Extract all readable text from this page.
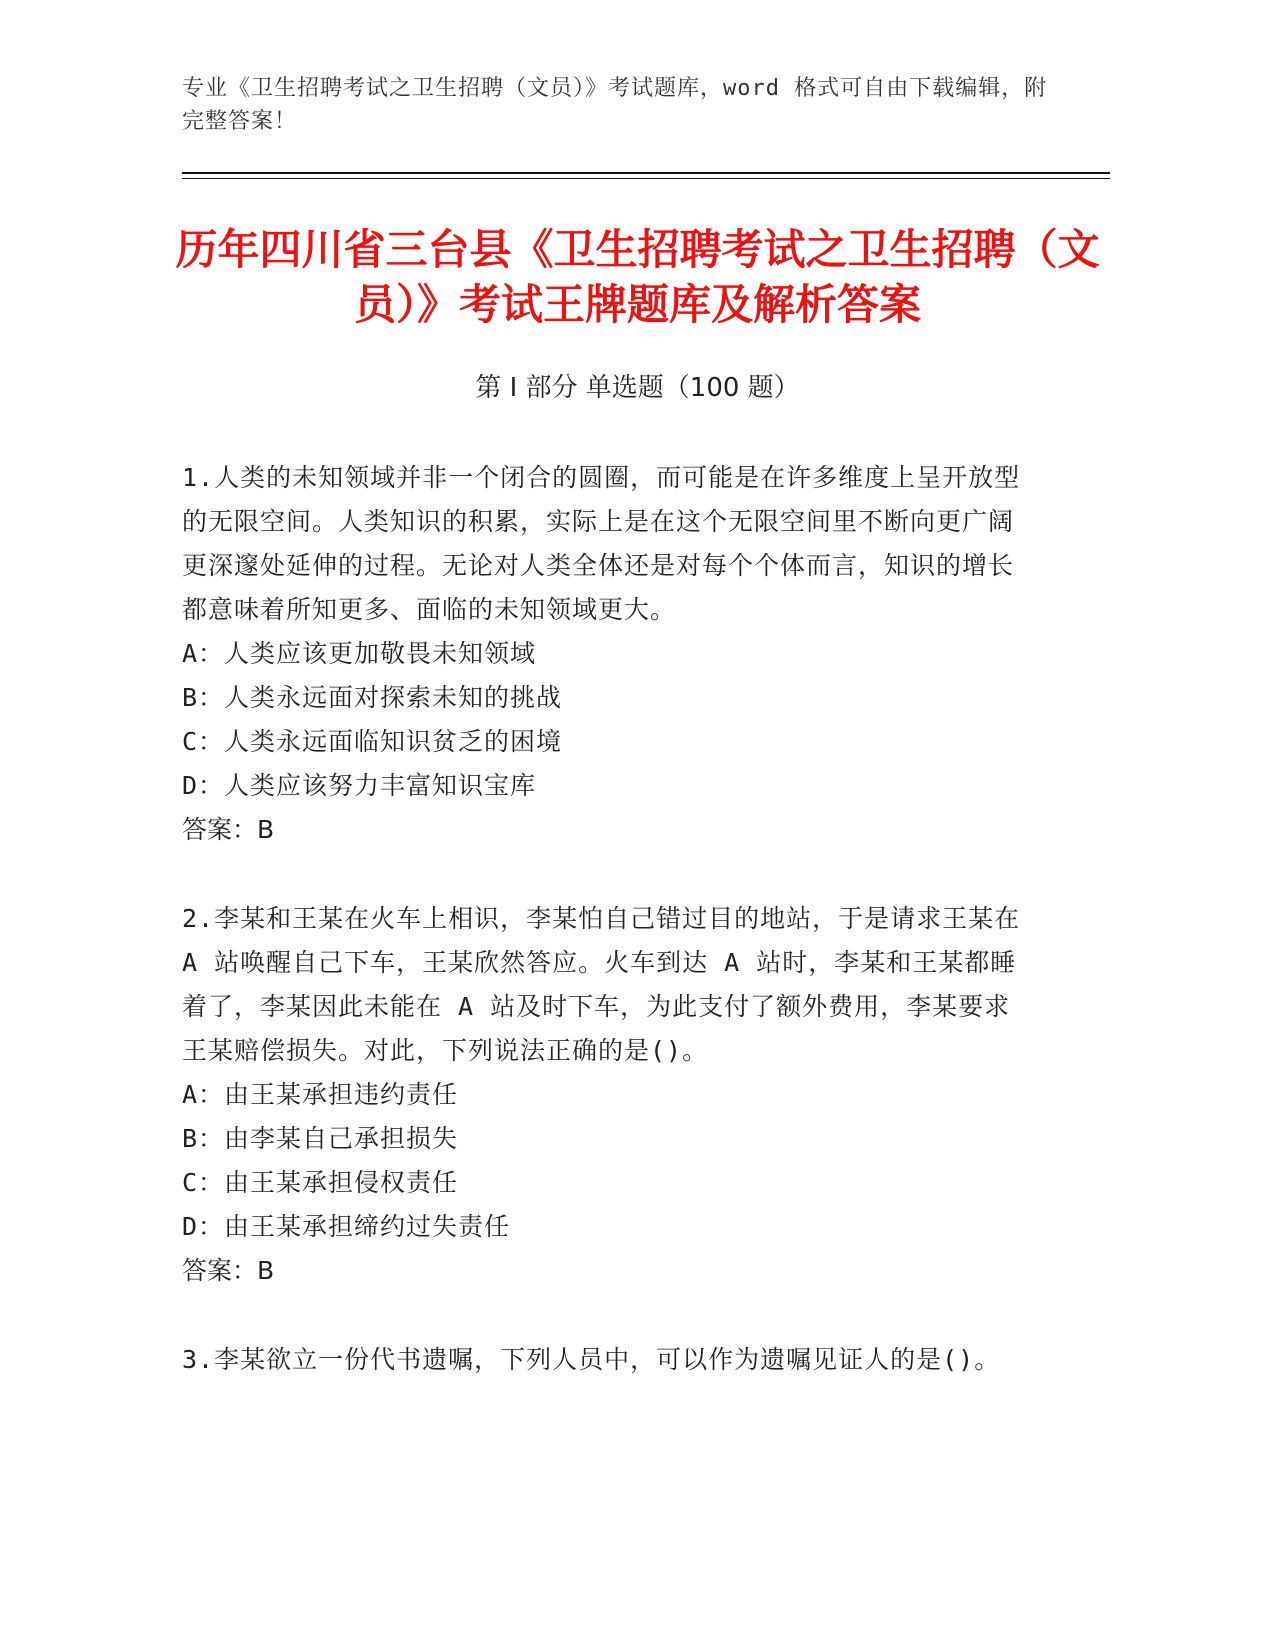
专业《卫生招聘考试之卫生招聘（文员）》考试题库，word 格式可自由下载编辑，附完整答案！
历年四川省三台县《卫生招聘考试之卫生招聘（文员）》考试王牌题库及解析答案
第 I 部分 单选题（100 题）
1.人类的未知领域并非一个闭合的圆圈，而可能是在许多维度上呈开放型的无限空间。人类知识的积累，实际上是在这个无限空间里不断向更广阔更深邃处延伸的过程。无论对人类全体还是对每个个体而言，知识的增长都意味着所知更多、面临的未知领域更大。
A：人类应该更加敬畏未知领域
B：人类永远面对探索未知的挑战
C：人类永远面临知识贫乏的困境
D：人类应该努力丰富知识宝库
答案：B
2.李某和王某在火车上相识，李某怕自己错过目的地站，于是请求王某在 A 站唤醒自己下车，王某欣然答应。火车到达 A 站时，李某和王某都睡着了，李某因此未能在 A 站及时下车，为此支付了额外费用，李某要求王某赔偿损失。对此，下列说法正确的是()。
A：由王某承担违约责任
B：由李某自己承担损失
C：由王某承担侵权责任
D：由王某承担缔约过失责任
答案：B
3.李某欲立一份代书遗嘱，下列人员中，可以作为遗嘱见证人的是()。
